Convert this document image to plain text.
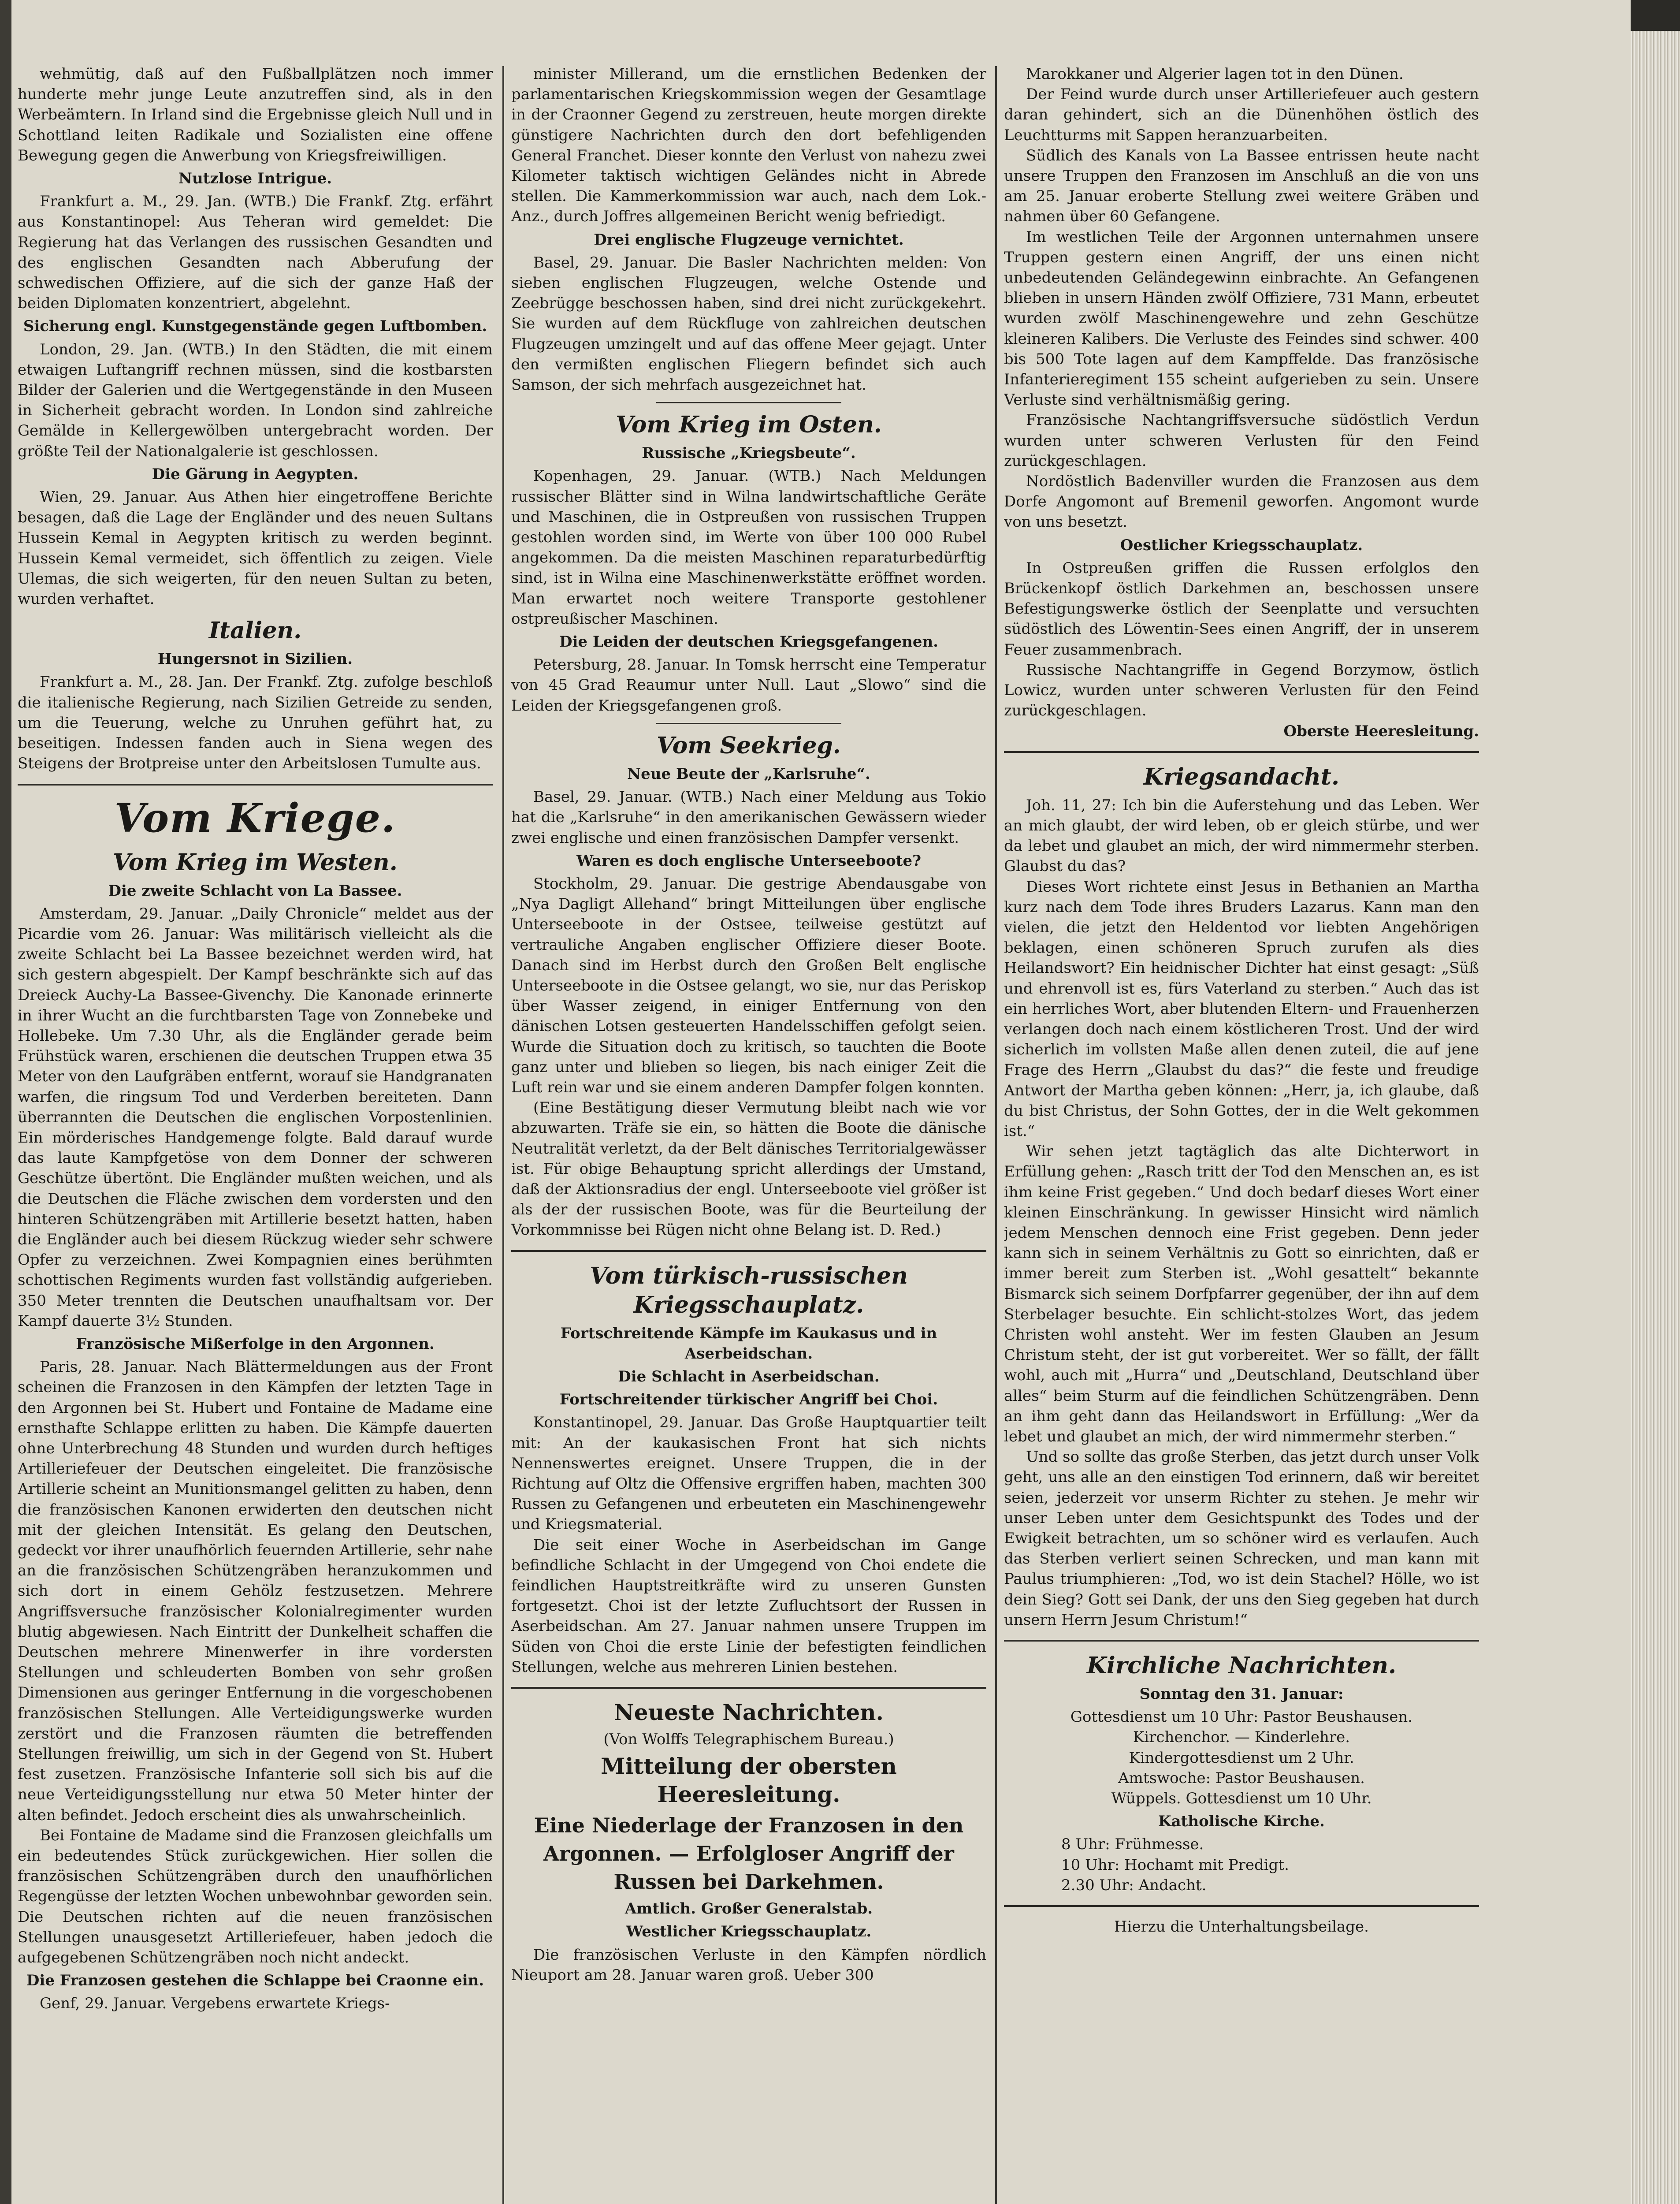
wehmütig, daß auf den Fußballplätzen noch immer hunderte mehr junge Leute anzutreffen sind, als in den Werbeämtern. In Irland sind die Ergebnisse gleich Null und in Schottland leiten Radikale und Sozialisten eine offene Bewegung gegen die Anwerbung von Kriegsfreiwilligen.

Nutzlose Intrigue.

Frankfurt a. M., 29. Jan. (WTB.) Die Frankf. Ztg. erfährt aus Konstantinopel: Aus Teheran wird gemeldet: Die Regierung hat das Verlangen des russischen Gesandten und des englischen Gesandten nach Abberufung der schwedischen Offiziere, auf die sich der ganze Haß der beiden Diplomaten konzentriert, abgelehnt.

Sicherung engl. Kunstgegenstände gegen Luftbomben.

London, 29. Jan. (WTB.) In den Städten, die mit einem etwaigen Luftangriff rechnen müssen, sind die kostbarsten Bilder der Galerien und die Wertgegenstände in den Museen in Sicherheit gebracht worden. In London sind zahlreiche Gemälde in Kellergewölben untergebracht worden. Der größte Teil der Nationalgalerie ist geschlossen.

Die Gärung in Aegypten.

Wien, 29. Januar. Aus Athen hier eingetroffene Berichte besagen, daß die Lage der Engländer und des neuen Sultans Hussein Kemal in Aegypten kritisch zu werden beginnt. Hussein Kemal vermeidet, sich öffentlich zu zeigen. Viele Ulemas, die sich weigerten, für den neuen Sultan zu beten, wurden verhaftet.

Italien.

Hungersnot in Sizilien.

Frankfurt a. M., 28. Jan. Der Frankf. Ztg. zufolge beschloß die italienische Regierung, nach Sizilien Getreide zu senden, um die Teuerung, welche zu Unruhen geführt hat, zu beseitigen. Indessen fanden auch in Siena wegen des Steigens der Brotpreise unter den Arbeitslosen Tumulte aus.

Vom Kriege.

Vom Krieg im Westen.

Die zweite Schlacht von La Bassee.

Amsterdam, 29. Januar. „Daily Chronicle“ meldet aus der Picardie vom 26. Januar: Was militärisch vielleicht als die zweite Schlacht bei La Bassee bezeichnet werden wird, hat sich gestern abgespielt. Der Kampf beschränkte sich auf das Dreieck Auchy-La Bassee-Givenchy. Die Kanonade erinnerte in ihrer Wucht an die furchtbarsten Tage von Zonnebeke und Hollebeke. Um 7.30 Uhr, als die Engländer gerade beim Frühstück waren, erschienen die deutschen Truppen etwa 35 Meter von den Laufgräben entfernt, worauf sie Handgranaten warfen, die ringsum Tod und Verderben bereiteten. Dann überrannten die Deutschen die englischen Vorpostenlinien. Ein mörderisches Handgemenge folgte. Bald darauf wurde das laute Kampfgetöse von dem Donner der schweren Geschütze übertönt. Die Engländer mußten weichen, und als die Deutschen die Fläche zwischen dem vordersten und den hinteren Schützengräben mit Artillerie besetzt hatten, haben die Engländer auch bei diesem Rückzug wieder sehr schwere Opfer zu verzeichnen. Zwei Kompagnien eines berühmten schottischen Regiments wurden fast vollständig aufgerieben. 350 Meter trennten die Deutschen unaufhaltsam vor. Der Kampf dauerte 3½ Stunden.

Französische Mißerfolge in den Argonnen.

Paris, 28. Januar. Nach Blättermeldungen aus der Front scheinen die Franzosen in den Kämpfen der letzten Tage in den Argonnen bei St. Hubert und Fontaine de Madame eine ernsthafte Schlappe erlitten zu haben. Die Kämpfe dauerten ohne Unterbrechung 48 Stunden und wurden durch heftiges Artilleriefeuer der Deutschen eingeleitet. Die französische Artillerie scheint an Munitionsmangel gelitten zu haben, denn die französischen Kanonen erwiderten den deutschen nicht mit der gleichen Intensität. Es gelang den Deutschen, gedeckt vor ihrer unaufhörlich feuernden Artillerie, sehr nahe an die französischen Schützengräben heranzukommen und sich dort in einem Gehölz festzusetzen. Mehrere Angriffsversuche französischer Kolonialregimenter wurden blutig abgewiesen. Nach Eintritt der Dunkelheit schaffen die Deutschen mehrere Minenwerfer in ihre vordersten Stellungen und schleuderten Bomben von sehr großen Dimensionen aus geringer Entfernung in die vorgeschobenen französischen Stellungen. Alle Verteidigungswerke wurden zerstört und die Franzosen räumten die betreffenden Stellungen freiwillig, um sich in der Gegend von St. Hubert fest zusetzen. Französische Infanterie soll sich bis auf die neue Verteidigungsstellung nur etwa 50 Meter hinter der alten befindet. Jedoch erscheint dies als unwahrscheinlich.

Bei Fontaine de Madame sind die Franzosen gleichfalls um ein bedeutendes Stück zurückgewichen. Hier sollen die französischen Schützengräben durch den unaufhörlichen Regengüsse der letzten Wochen unbewohnbar geworden sein. Die Deutschen richten auf die neuen französischen Stellungen unausgesetzt Artilleriefeuer, haben jedoch die aufgegebenen Schützengräben noch nicht andeckt.

Die Franzosen gestehen die Schlappe bei Craonne ein.

Genf, 29. Januar. Vergebens erwartete Kriegs-

minister Millerand, um die ernstlichen Bedenken der parlamentarischen Kriegskommission wegen der Gesamtlage in der Craonner Gegend zu zerstreuen, heute morgen direkte günstigere Nachrichten durch den dort befehligenden General Franchet. Dieser konnte den Verlust von nahezu zwei Kilometer taktisch wichtigen Geländes nicht in Abrede stellen. Die Kammerkommission war auch, nach dem Lok.-Anz., durch Joffres allgemeinen Bericht wenig befriedigt.

Drei englische Flugzeuge vernichtet.

Basel, 29. Januar. Die Basler Nachrichten melden: Von sieben englischen Flugzeugen, welche Ostende und Zeebrügge beschossen haben, sind drei nicht zurückgekehrt. Sie wurden auf dem Rückfluge von zahlreichen deutschen Flugzeugen umzingelt und auf das offene Meer gejagt. Unter den vermißten englischen Fliegern befindet sich auch Samson, der sich mehrfach ausgezeichnet hat.

Vom Krieg im Osten.

Russische „Kriegsbeute“.

Kopenhagen, 29. Januar. (WTB.) Nach Meldungen russischer Blätter sind in Wilna landwirtschaftliche Geräte und Maschinen, die in Ostpreußen von russischen Truppen gestohlen worden sind, im Werte von über 100 000 Rubel angekommen. Da die meisten Maschinen reparaturbedürftig sind, ist in Wilna eine Maschinenwerkstätte eröffnet worden. Man erwartet noch weitere Transporte gestohlener ostpreußischer Maschinen.

Die Leiden der deutschen Kriegsgefangenen.

Petersburg, 28. Januar. In Tomsk herrscht eine Temperatur von 45 Grad Reaumur unter Null. Laut „Slowo“ sind die Leiden der Kriegsgefangenen groß.

Vom Seekrieg.

Neue Beute der „Karlsruhe“.

Basel, 29. Januar. (WTB.) Nach einer Meldung aus Tokio hat die „Karlsruhe“ in den amerikanischen Gewässern wieder zwei englische und einen französischen Dampfer versenkt.

Waren es doch englische Unterseeboote?

Stockholm, 29. Januar. Die gestrige Abendausgabe von „Nya Dagligt Allehand“ bringt Mitteilungen über englische Unterseeboote in der Ostsee, teilweise gestützt auf vertrauliche Angaben englischer Offiziere dieser Boote. Danach sind im Herbst durch den Großen Belt englische Unterseeboote in die Ostsee gelangt, wo sie, nur das Periskop über Wasser zeigend, in einiger Entfernung von den dänischen Lotsen gesteuerten Handelsschiffen gefolgt seien. Wurde die Situation doch zu kritisch, so tauchten die Boote ganz unter und blieben so liegen, bis nach einiger Zeit die Luft rein war und sie einem anderen Dampfer folgen konnten.

(Eine Bestätigung dieser Vermutung bleibt nach wie vor abzuwarten. Träfe sie ein, so hätten die Boote die dänische Neutralität verletzt, da der Belt dänisches Territorialgewässer ist. Für obige Behauptung spricht allerdings der Umstand, daß der Aktionsradius der engl. Unterseeboote viel größer ist als der der russischen Boote, was für die Beurteilung der Vorkommnisse bei Rügen nicht ohne Belang ist. D. Red.)

Vom türkisch-russischen Kriegsschauplatz.

Fortschreitende Kämpfe im Kaukasus und in Aserbeidschan.

Die Schlacht in Aserbeidschan.

Fortschreitender türkischer Angriff bei Choi.

Konstantinopel, 29. Januar. Das Große Hauptquartier teilt mit: An der kaukasischen Front hat sich nichts Nennenswertes ereignet. Unsere Truppen, die in der Richtung auf Oltz die Offensive ergriffen haben, machten 300 Russen zu Gefangenen und erbeuteten ein Maschinengewehr und Kriegsmaterial.

Die seit einer Woche in Aserbeidschan im Gange befindliche Schlacht in der Umgegend von Choi endete die feindlichen Hauptstreitkräfte wird zu unseren Gunsten fortgesetzt. Choi ist der letzte Zufluchtsort der Russen in Aserbeidschan. Am 27. Januar nahmen unsere Truppen im Süden von Choi die erste Linie der befestigten feindlichen Stellungen, welche aus mehreren Linien bestehen.

Neueste Nachrichten.

(Von Wolffs Telegraphischem Bureau.)

Mitteilung der obersten Heeresleitung.

Eine Niederlage der Franzosen in den Argonnen. — Erfolgloser Angriff der Russen bei Darkehmen.

Amtlich. Großer Generalstab.

Westlicher Kriegsschauplatz.

Die französischen Verluste in den Kämpfen nördlich Nieuport am 28. Januar waren groß. Ueber 300

Marokkaner und Algerier lagen tot in den Dünen.

Der Feind wurde durch unser Artilleriefeuer auch gestern daran gehindert, sich an die Dünenhöhen östlich des Leuchtturms mit Sappen heranzuarbeiten.

Südlich des Kanals von La Bassee entrissen heute nacht unsere Truppen den Franzosen im Anschluß an die von uns am 25. Januar eroberte Stellung zwei weitere Gräben und nahmen über 60 Gefangene.

Im westlichen Teile der Argonnen unternahmen unsere Truppen gestern einen Angriff, der uns einen nicht unbedeutenden Geländegewinn einbrachte. An Gefangenen blieben in unsern Händen zwölf Offiziere, 731 Mann, erbeutet wurden zwölf Maschinengewehre und zehn Geschütze kleineren Kalibers. Die Verluste des Feindes sind schwer. 400 bis 500 Tote lagen auf dem Kampffelde. Das französische Infanterieregiment 155 scheint aufgerieben zu sein. Unsere Verluste sind verhältnismäßig gering.

Französische Nachtangriffsversuche südöstlich Verdun wurden unter schweren Verlusten für den Feind zurückgeschlagen.

Nordöstlich Badenviller wurden die Franzosen aus dem Dorfe Angomont auf Bremenil geworfen. Angomont wurde von uns besetzt.

Oestlicher Kriegsschauplatz.

In Ostpreußen griffen die Russen erfolglos den Brückenkopf östlich Darkehmen an, beschossen unsere Befestigungswerke östlich der Seenplatte und versuchten südöstlich des Löwentin-Sees einen Angriff, der in unserem Feuer zusammenbrach.

Russische Nachtangriffe in Gegend Borzymow, östlich Lowicz, wurden unter schweren Verlusten für den Feind zurückgeschlagen.

Oberste Heeresleitung.

Kriegsandacht.

Joh. 11, 27: Ich bin die Auferstehung und das Leben. Wer an mich glaubt, der wird leben, ob er gleich stürbe, und wer da lebet und glaubet an mich, der wird nimmermehr sterben. Glaubst du das?

Dieses Wort richtete einst Jesus in Bethanien an Martha kurz nach dem Tode ihres Bruders Lazarus. Kann man den vielen, die jetzt den Heldentod vor liebten Angehörigen beklagen, einen schöneren Spruch zurufen als dies Heilandswort? Ein heidnischer Dichter hat einst gesagt: „Süß und ehrenvoll ist es, fürs Vaterland zu sterben.“ Auch das ist ein herrliches Wort, aber blutenden Eltern- und Frauenherzen verlangen doch nach einem köstlicheren Trost. Und der wird sicherlich im vollsten Maße allen denen zuteil, die auf jene Frage des Herrn „Glaubst du das?“ die feste und freudige Antwort der Martha geben können: „Herr, ja, ich glaube, daß du bist Christus, der Sohn Gottes, der in die Welt gekommen ist.“

Wir sehen jetzt tagtäglich das alte Dichterwort in Erfüllung gehen: „Rasch tritt der Tod den Menschen an, es ist ihm keine Frist gegeben.“ Und doch bedarf dieses Wort einer kleinen Einschränkung. In gewisser Hinsicht wird nämlich jedem Menschen dennoch eine Frist gegeben. Denn jeder kann sich in seinem Verhältnis zu Gott so einrichten, daß er immer bereit zum Sterben ist. „Wohl gesattelt“ bekannte Bismarck sich seinem Dorfpfarrer gegenüber, der ihn auf dem Sterbelager besuchte. Ein schlicht-stolzes Wort, das jedem Christen wohl ansteht. Wer im festen Glauben an Jesum Christum steht, der ist gut vorbereitet. Wer so fällt, der fällt wohl, auch mit „Hurra“ und „Deutschland, Deutschland über alles“ beim Sturm auf die feindlichen Schützengräben. Denn an ihm geht dann das Heilandswort in Erfüllung: „Wer da lebet und glaubet an mich, der wird nimmermehr sterben.“

Und so sollte das große Sterben, das jetzt durch unser Volk geht, uns alle an den einstigen Tod erinnern, daß wir bereitet seien, jederzeit vor unserm Richter zu stehen. Je mehr wir unser Leben unter dem Gesichtspunkt des Todes und der Ewigkeit betrachten, um so schöner wird es verlaufen. Auch das Sterben verliert seinen Schrecken, und man kann mit Paulus triumphieren: „Tod, wo ist dein Stachel? Hölle, wo ist dein Sieg? Gott sei Dank, der uns den Sieg gegeben hat durch unsern Herrn Jesum Christum!“

Kirchliche Nachrichten.

Sonntag den 31. Januar:

Gottesdienst um 10 Uhr: Pastor Beushausen.

Kirchenchor. — Kinderlehre.

Kindergottesdienst um 2 Uhr.

Amtswoche: Pastor Beushausen.

Wüppels. Gottesdienst um 10 Uhr.

Katholische Kirche.

8 Uhr: Frühmesse.

10 Uhr: Hochamt mit Predigt.

2.30 Uhr: Andacht.

Hierzu die Unterhaltungsbeilage.
